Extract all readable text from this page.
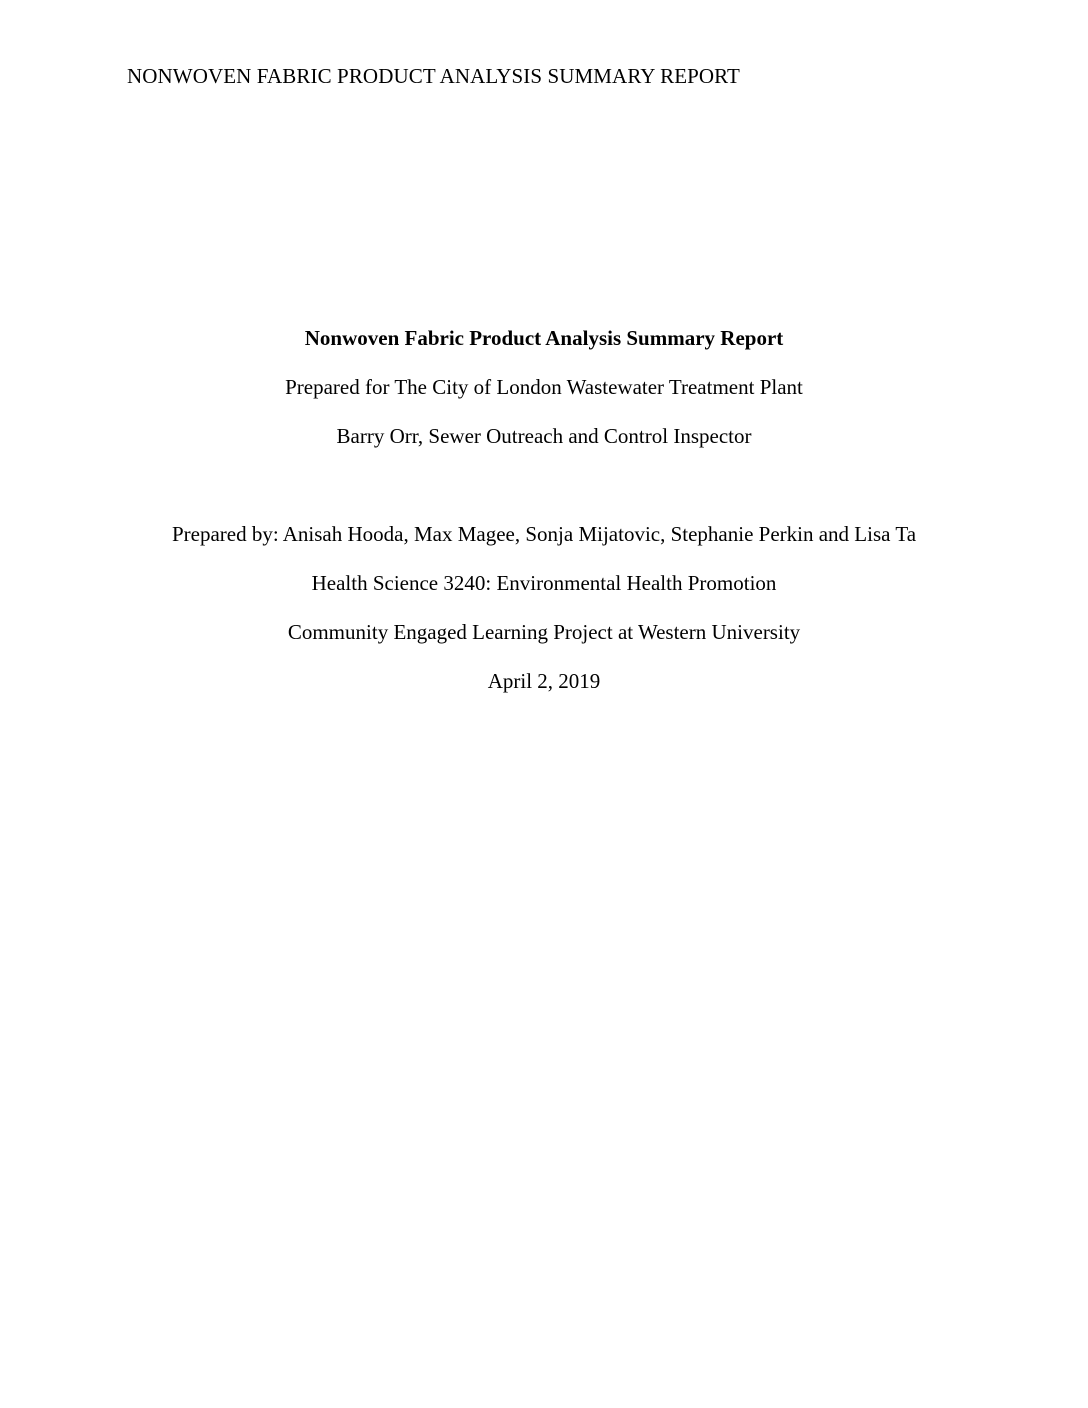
NONWOVEN FABRIC PRODUCT ANALYSIS SUMMARY REPORT
Nonwoven Fabric Product Analysis Summary Report
Prepared for The City of London Wastewater Treatment Plant
Barry Orr, Sewer Outreach and Control Inspector
Prepared by: Anisah Hooda, Max Magee, Sonja Mijatovic, Stephanie Perkin and Lisa Ta
Health Science 3240: Environmental Health Promotion
Community Engaged Learning Project at Western University
April 2, 2019
